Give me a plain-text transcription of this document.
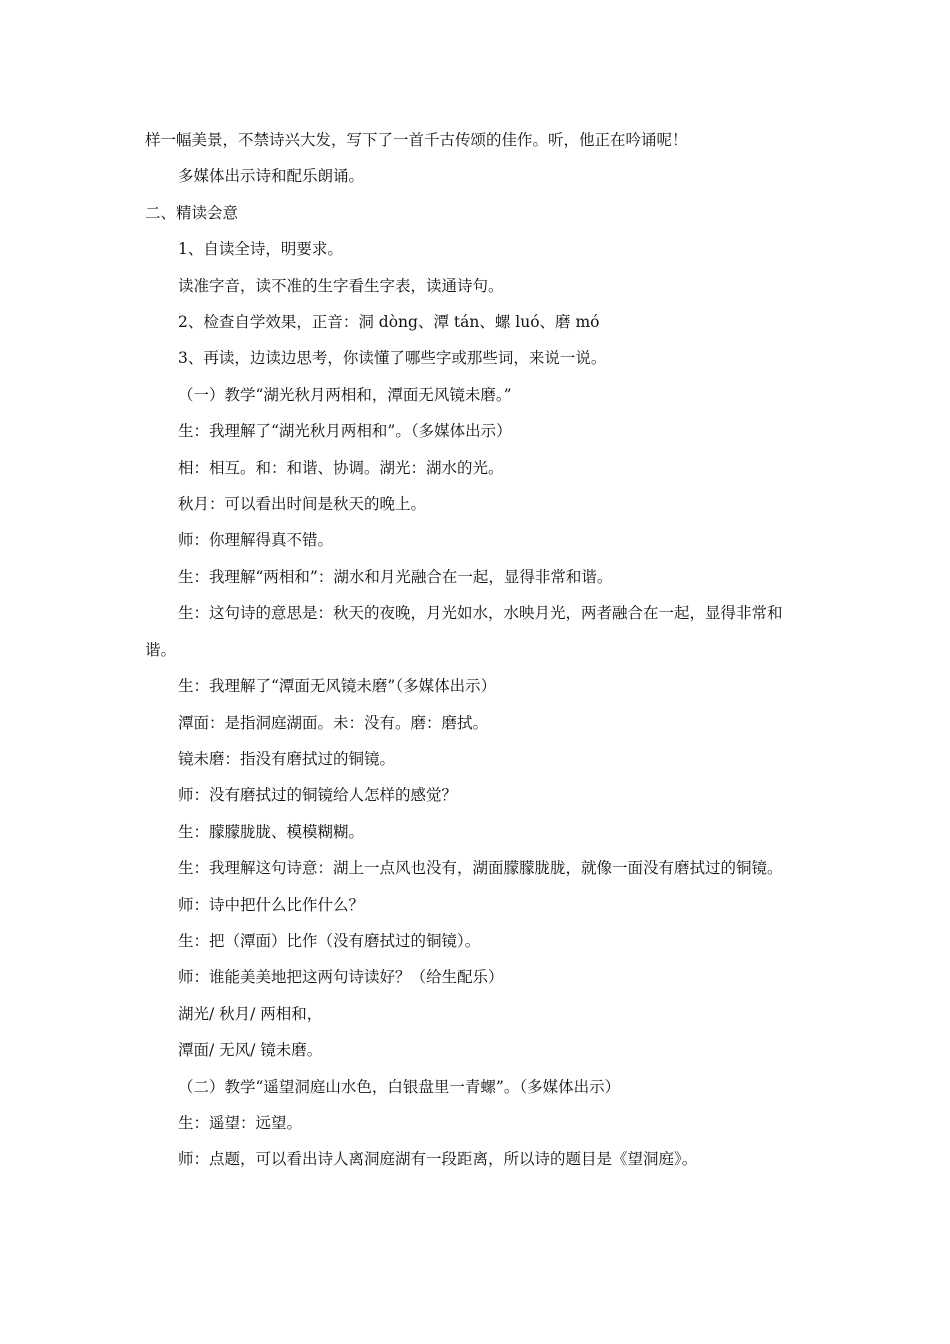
样一幅美景，不禁诗兴大发，写下了一首千古传颂的佳作。听，他正在吟诵呢！

多媒体出示诗和配乐朗诵。

二、精读会意

1、自读全诗，明要求。

读准字音，读不准的生字看生字表，读通诗句。

2、检查自学效果，正音：洞 dòng、潭 tán、螺 luó、磨 mó

3、再读，边读边思考，你读懂了哪些字或那些词，来说一说。

（一）教学“湖光秋月两相和，潭面无风镜未磨。”

生：我理解了“湖光秋月两相和”。（多媒体出示）

相：相互。和：和谐、协调。湖光：湖水的光。

秋月：可以看出时间是秋天的晚上。

师：你理解得真不错。

生：我理解“两相和”：湖水和月光融合在一起，显得非常和谐。

生：这句诗的意思是：秋天的夜晚，月光如水，水映月光，两者融合在一起，显得非常和谐。

生：我理解了“潭面无风镜未磨”（多媒体出示）

潭面：是指洞庭湖面。未：没有。磨：磨拭。

镜未磨：指没有磨拭过的铜镜。

师：没有磨拭过的铜镜给人怎样的感觉？

生：朦朦胧胧、模模糊糊。

生：我理解这句诗意：湖上一点风也没有，湖面朦朦胧胧，就像一面没有磨拭过的铜镜。

师：诗中把什么比作什么？

生：把（潭面）比作（没有磨拭过的铜镜）。

师：谁能美美地把这两句诗读好？（给生配乐）

湖光/ 秋月/ 两相和，

潭面/ 无风/ 镜未磨。

（二）教学“遥望洞庭山水色，白银盘里一青螺”。（多媒体出示）

生：遥望：远望。

师：点题，可以看出诗人离洞庭湖有一段距离，所以诗的题目是《望洞庭》。
